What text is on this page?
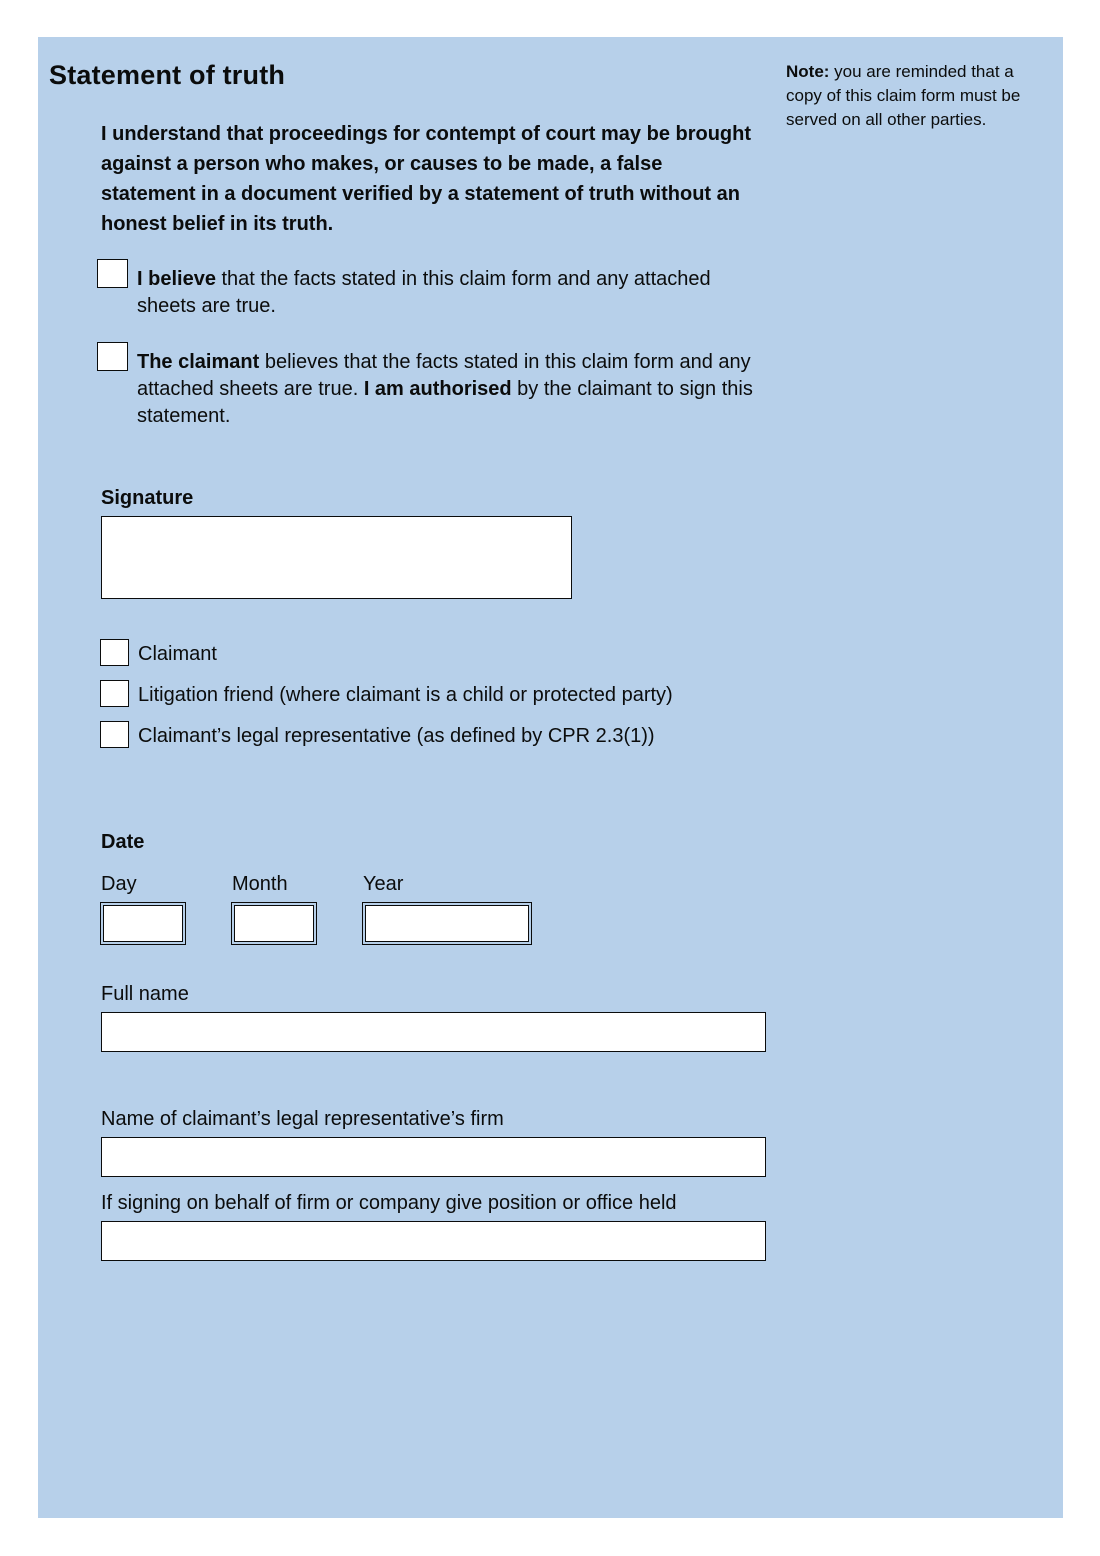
Statement of truth	Note: you are reminded that a copy of this claim form must be served on all other parties.

I understand that proceedings for contempt of court may be brought against a person who makes, or causes to be made, a false statement in a document verified by a statement of truth without an honest belief in its truth.

I believe that the facts stated in this claim form and any attached sheets are true.
The claimant believes that the facts stated in this claim form and any attached sheets are true. I am authorised by the claimant to sign this statement.
Signature
Claimant
Litigation friend (where claimant is a child or protected party)
Claimant’s legal representative (as defined by CPR 2.3(1))
Date
Day	Month	Year
Full name
Name of claimant’s legal representative’s firm
If signing on behalf of firm or company give position or office held
